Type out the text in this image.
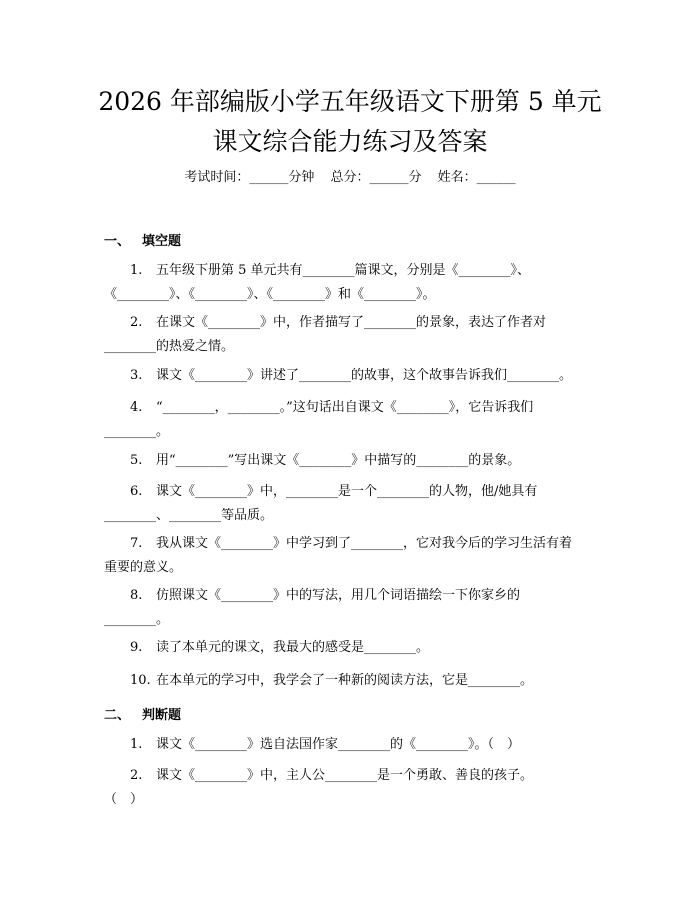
2026 年部编版小学五年级语文下册第 5 单元
课文综合能力练习及答案
考试时间：______分钟 总分：______分 姓名：______
一、 填空题
1. 五年级下册第 5 单元共有________篇课文，分别是《________》、
《________》、《________》、《________》和《________》。
2. 在课文《________》中，作者描写了________的景象，表达了作者对
________的热爱之情。
3. 课文《________》讲述了________的故事，这个故事告诉我们________。
4. “________，________。”这句话出自课文《________》，它告诉我们
________。
5. 用“________”写出课文《________》中描写的________的景象。
6. 课文《________》中，________是一个________的人物，他/她具有
________、________等品质。
7. 我从课文《________》中学习到了________，它对我今后的学习生活有着
重要的意义。
8. 仿照课文《________》中的写法，用几个词语描绘一下你家乡的
________。
9. 读了本单元的课文，我最大的感受是________。
10. 在本单元的学习中，我学会了一种新的阅读方法，它是________。
二、 判断题
1. 课文《________》选自法国作家________的《________》。（　）
2. 课文《________》中，主人公________是一个勇敢、善良的孩子。
（　）
